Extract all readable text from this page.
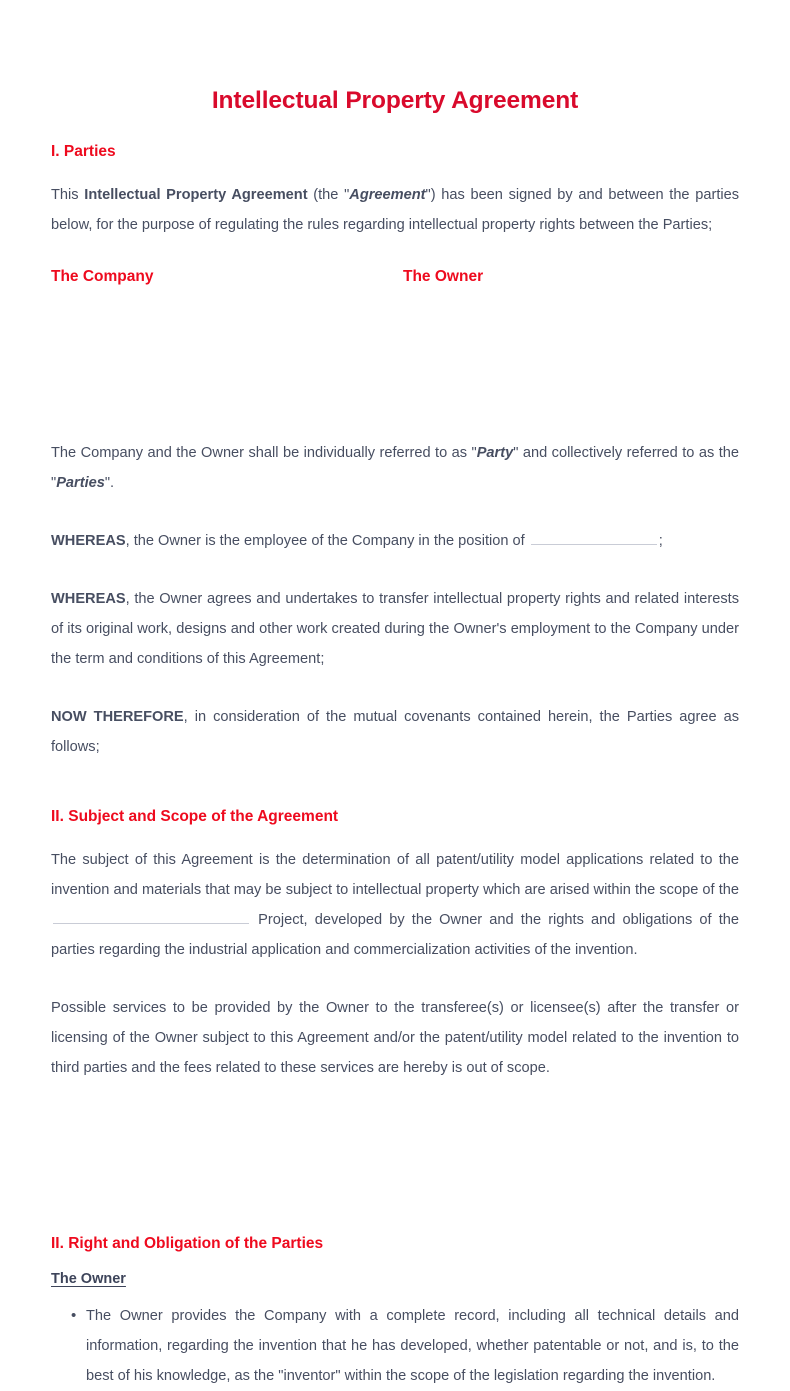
Intellectual Property Agreement
I. Parties

This Intellectual Property Agreement (the "Agreement") has been signed by and between the parties below, for the purpose of regulating the rules regarding intellectual property rights between the Parties;

The Company	The Owner

The Company and the Owner shall be individually referred to as "Party" and collectively referred to as the "Parties".

WHEREAS, the Owner is the employee of the Company in the position of	;

WHEREAS, the Owner agrees and undertakes to transfer intellectual property rights and related interests of its original work, designs and other work created during the Owner's employment to the Company under the term and conditions of this Agreement;

NOW THEREFORE, in consideration of the mutual covenants contained herein, the Parties agree as follows;

II. Subject and Scope of the Agreement

The subject of this Agreement is the determination of all patent/utility model applications related to the invention and materials that may be subject to intellectual property which are arised within the scope of the  Project, developed by the Owner and the rights and obligations of the parties regarding the industrial application and commercialization activities of the invention.

Possible services to be provided by the Owner to the transferee(s) or licensee(s) after the transfer or licensing of the Owner subject to this Agreement and/or the patent/utility model related to the invention to third parties and the fees related to these services are hereby is out of scope.

II. Right and Obligation of the Parties
The Owner
• The Owner provides the Company with a complete record, including all technical details and information, regarding the invention that he has developed, whether patentable or not, and is, to the best of his knowledge, as the "inventor" within the scope of the legislation regarding the invention.
